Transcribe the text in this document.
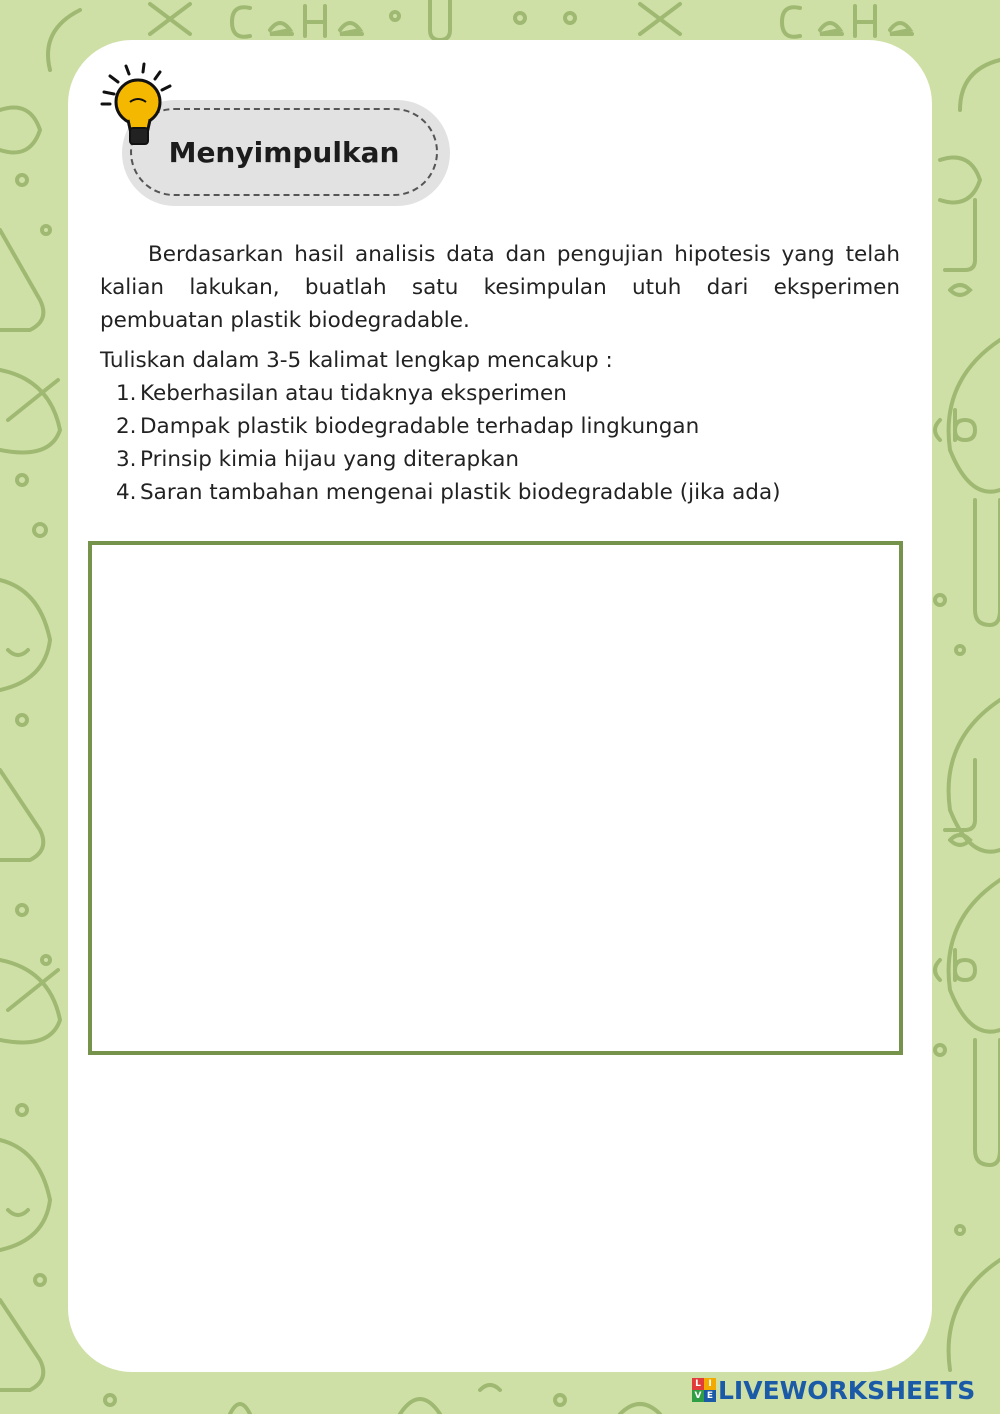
Menyimpulkan

Berdasarkan hasil analisis data dan pengujian hipotesis yang telah kalian lakukan, buatlah satu kesimpulan utuh dari eksperimen pembuatan plastik biodegradable.

Tuliskan dalam 3-5 kalimat lengkap mencakup :

1. Keberhasilan atau tidaknya eksperimen
2. Dampak plastik biodegradable terhadap lingkungan
3. Prinsip kimia hijau yang diterapkan
4. Saran tambahan mengenai plastik biodegradable (jika ada)
L I
V E LIVEWORKSHEETS
